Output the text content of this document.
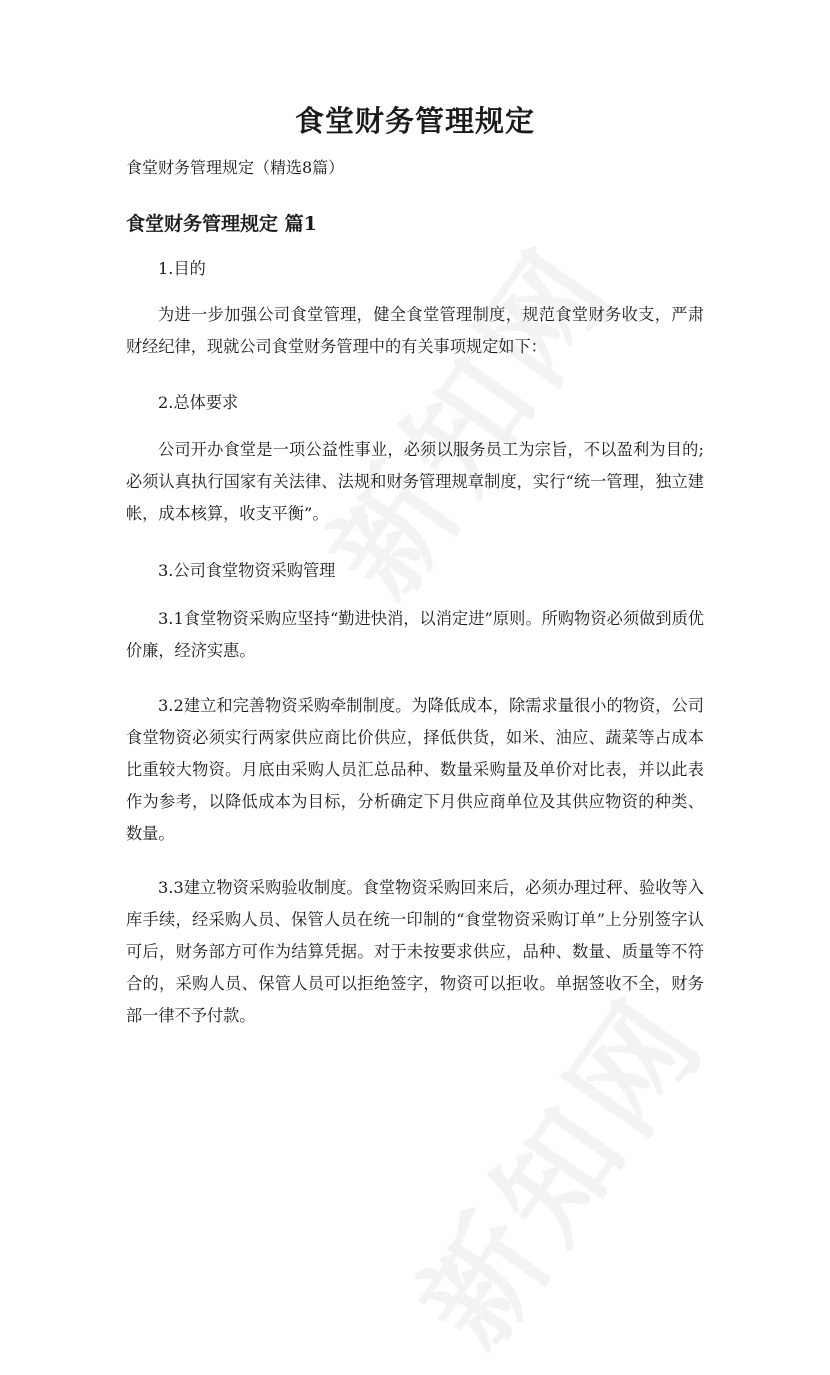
食堂财务管理规定

食堂财务管理规定（精选8篇）

食堂财务管理规定 篇1

1.目的

为进一步加强公司食堂管理，健全食堂管理制度，规范食堂财务收支，严肃财经纪律，现就公司食堂财务管理中的有关事项规定如下：

2.总体要求

公司开办食堂是一项公益性事业，必须以服务员工为宗旨，不以盈利为目的;必须认真执行国家有关法律、法规和财务管理规章制度，实行“统一管理，独立建帐，成本核算，收支平衡”。

3.公司食堂物资采购管理

3.1食堂物资采购应坚持“勤进快消，以消定进”原则。所购物资必须做到质优价廉，经济实惠。

3.2建立和完善物资采购牵制制度。为降低成本，除需求量很小的物资，公司食堂物资必须实行两家供应商比价供应，择低供货，如米、油应、蔬菜等占成本比重较大物资。月底由采购人员汇总品种、数量采购量及单价对比表，并以此表作为参考，以降低成本为目标，分析确定下月供应商单位及其供应物资的种类、数量。

3.3建立物资采购验收制度。食堂物资采购回来后，必须办理过秤、验收等入库手续，经采购人员、保管人员在统一印制的“食堂物资采购订单”上分别签字认可后，财务部方可作为结算凭据。对于未按要求供应，品种、数量、质量等不符合的，采购人员、保管人员可以拒绝签字，物资可以拒收。单据签收不全，财务部一律不予付款。
